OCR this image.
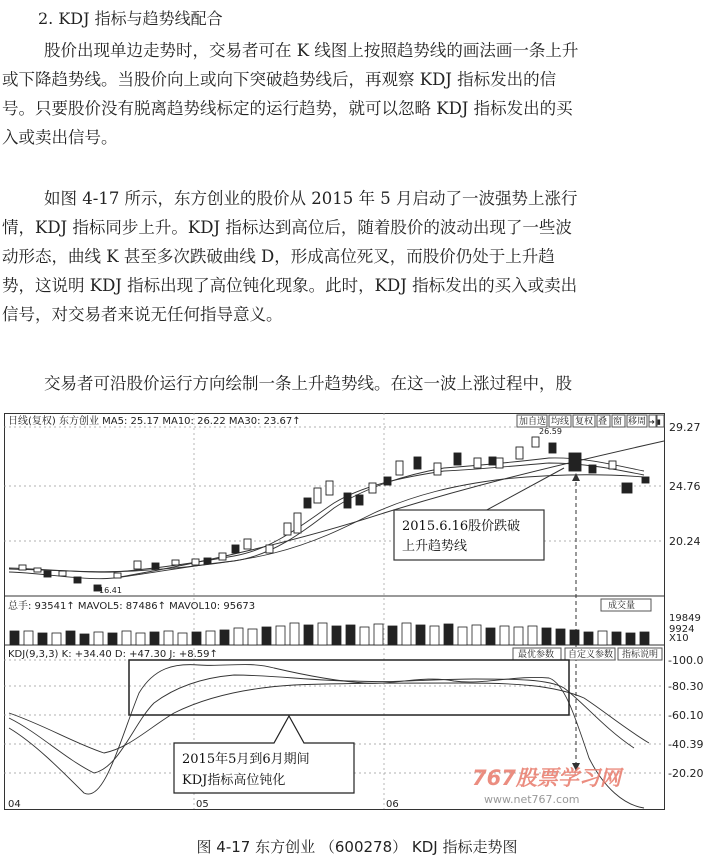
2. KDJ 指标与趋势线配合
股价出现单边走势时，交易者可在 K 线图上按照趋势线的画法画一条上升
或下降趋势线。当股价向上或向下突破趋势线后，再观察 KDJ 指标发出的信
号。只要股价没有脱离趋势线标定的运行趋势，就可以忽略 KDJ 指标发出的买
入或卖出信号。
如图 4-17 所示，东方创业的股价从 2015 年 5 月启动了一波强势上涨行
情，KDJ 指标同步上升。KDJ 指标达到高位后，随着股价的波动出现了一些波
动形态，曲线 K 甚至多次跌破曲线 D，形成高位死叉，而股价仍处于上升趋
势，这说明 KDJ 指标出现了高位钝化现象。此时，KDJ 指标发出的买入或卖出
信号，对交易者来说无任何指导意义。
交易者可沿股价运行方向绘制一条上升趋势线。在这一波上涨过程中，股
日线(复权) 东方创业 MA5: 25.17 MA10: 26.22 MA30: 23.67↑	加自选 均线 复权 叠 窗 移周 ➜ ▮ 29.27
24.76
20.24
26.59
16.41
2015.6.16股价跌破
上升趋势线
总手: 93541↑ MAVOL5: 87486↑ MAVOL10: 95673	成交量
19849
9924
X10
KDJ(9,3,3) K: +34.40 D: +47.30 J: +8.59↑	最优参数 自定义参数 指标说明 -100.0
-80.30
-60.10
-40.39
-20.20
2015年5月到6月期间
KDJ指标高位钝化
04	05	06
767股票学习网
www.net767.com
图 4-17 东方创业 （600278） KDJ 指标走势图
